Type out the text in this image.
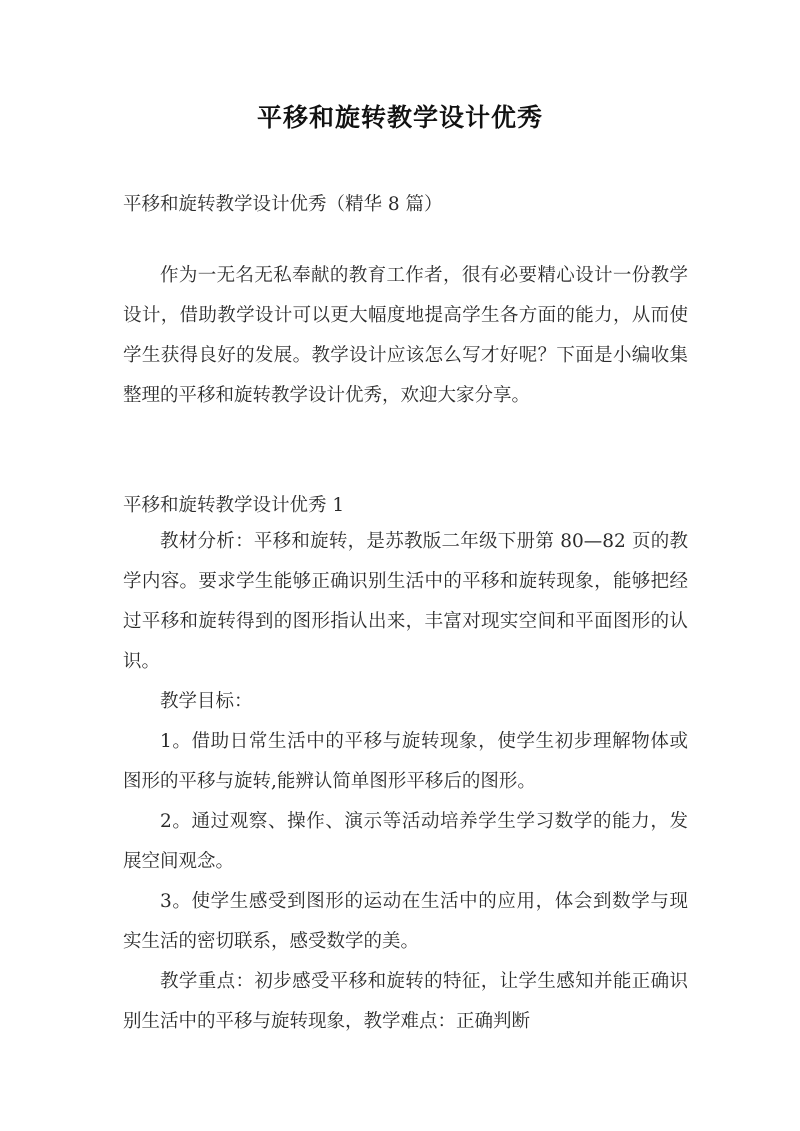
平移和旋转教学设计优秀
平移和旋转教学设计优秀（精华 8 篇）

作为一无名无私奉献的教育工作者，很有必要精心设计一份教学设计，借助教学设计可以更大幅度地提高学生各方面的能力，从而使学生获得良好的发展。教学设计应该怎么写才好呢？下面是小编收集整理的平移和旋转教学设计优秀，欢迎大家分享。

平移和旋转教学设计优秀 1

教材分析：平移和旋转，是苏教版二年级下册第 80—82 页的教学内容。要求学生能够正确识别生活中的平移和旋转现象，能够把经过平移和旋转得到的图形指认出来，丰富对现实空间和平面图形的认识。

教学目标：

1。借助日常生活中的平移与旋转现象，使学生初步理解物体或图形的平移与旋转,能辨认简单图形平移后的图形。

2。通过观察、操作、演示等活动培养学生学习数学的能力，发展空间观念。

3。使学生感受到图形的运动在生活中的应用，体会到数学与现实生活的密切联系，感受数学的美。

教学重点：初步感受平移和旋转的特征，让学生感知并能正确识别生活中的平移与旋转现象，教学难点：正确判断
